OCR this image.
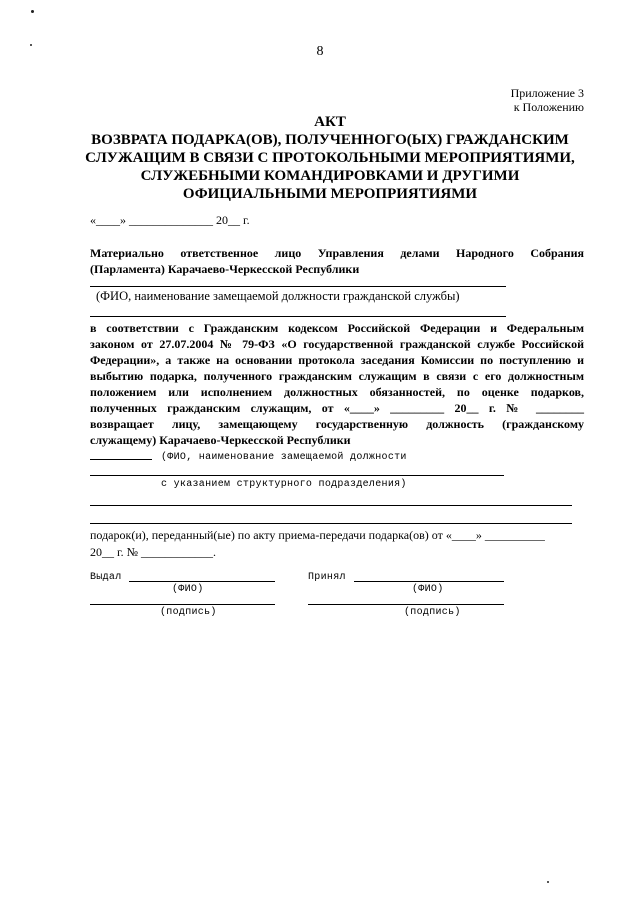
8
Приложение 3
к Положению
АКТ
ВОЗВРАТА ПОДАРКА(ОВ), ПОЛУЧЕННОГО(ЫХ) ГРАЖДАНСКИМ
СЛУЖАЩИМ В СВЯЗИ С ПРОТОКОЛЬНЫМИ МЕРОПРИЯТИЯМИ,
СЛУЖЕБНЫМИ КОМАНДИРОВКАМИ И ДРУГИМИ
ОФИЦИАЛЬНЫМИ МЕРОПРИЯТИЯМИ
«____» ______________ 20__ г.
Материально ответственное лицо Управления делами Народного Собрания
(Парламента) Карачаево-Черкесской Республики
(ФИО, наименование замещаемой должности гражданской службы)
в соответствии с Гражданским кодексом Российской Федерации и Федеральным
законом от 27.07.2004 № 79-ФЗ «О государственной гражданской службе Российской
Федерации», а также на основании протокола заседания Комиссии по поступлению и
выбытию подарка, полученного гражданским служащим в связи с его должностным
положением или исполнением должностных обязанностей, по оценке подарков,
полученных гражданским служащим, от «____» _________ 20__ г. № ________
возвращает лицу, замещающему государственную должность (гражданскому
служащему) Карачаево-Черкесской Республики
(ФИО, наименование замещаемой должности
с указанием структурного подразделения)
подарок(и), переданный(ые) по акту приема-передачи подарка(ов) от «____» __________
20__ г. № ____________.
Выдал
(ФИО)
(подпись)
Принял
(ФИО)
(подпись)
